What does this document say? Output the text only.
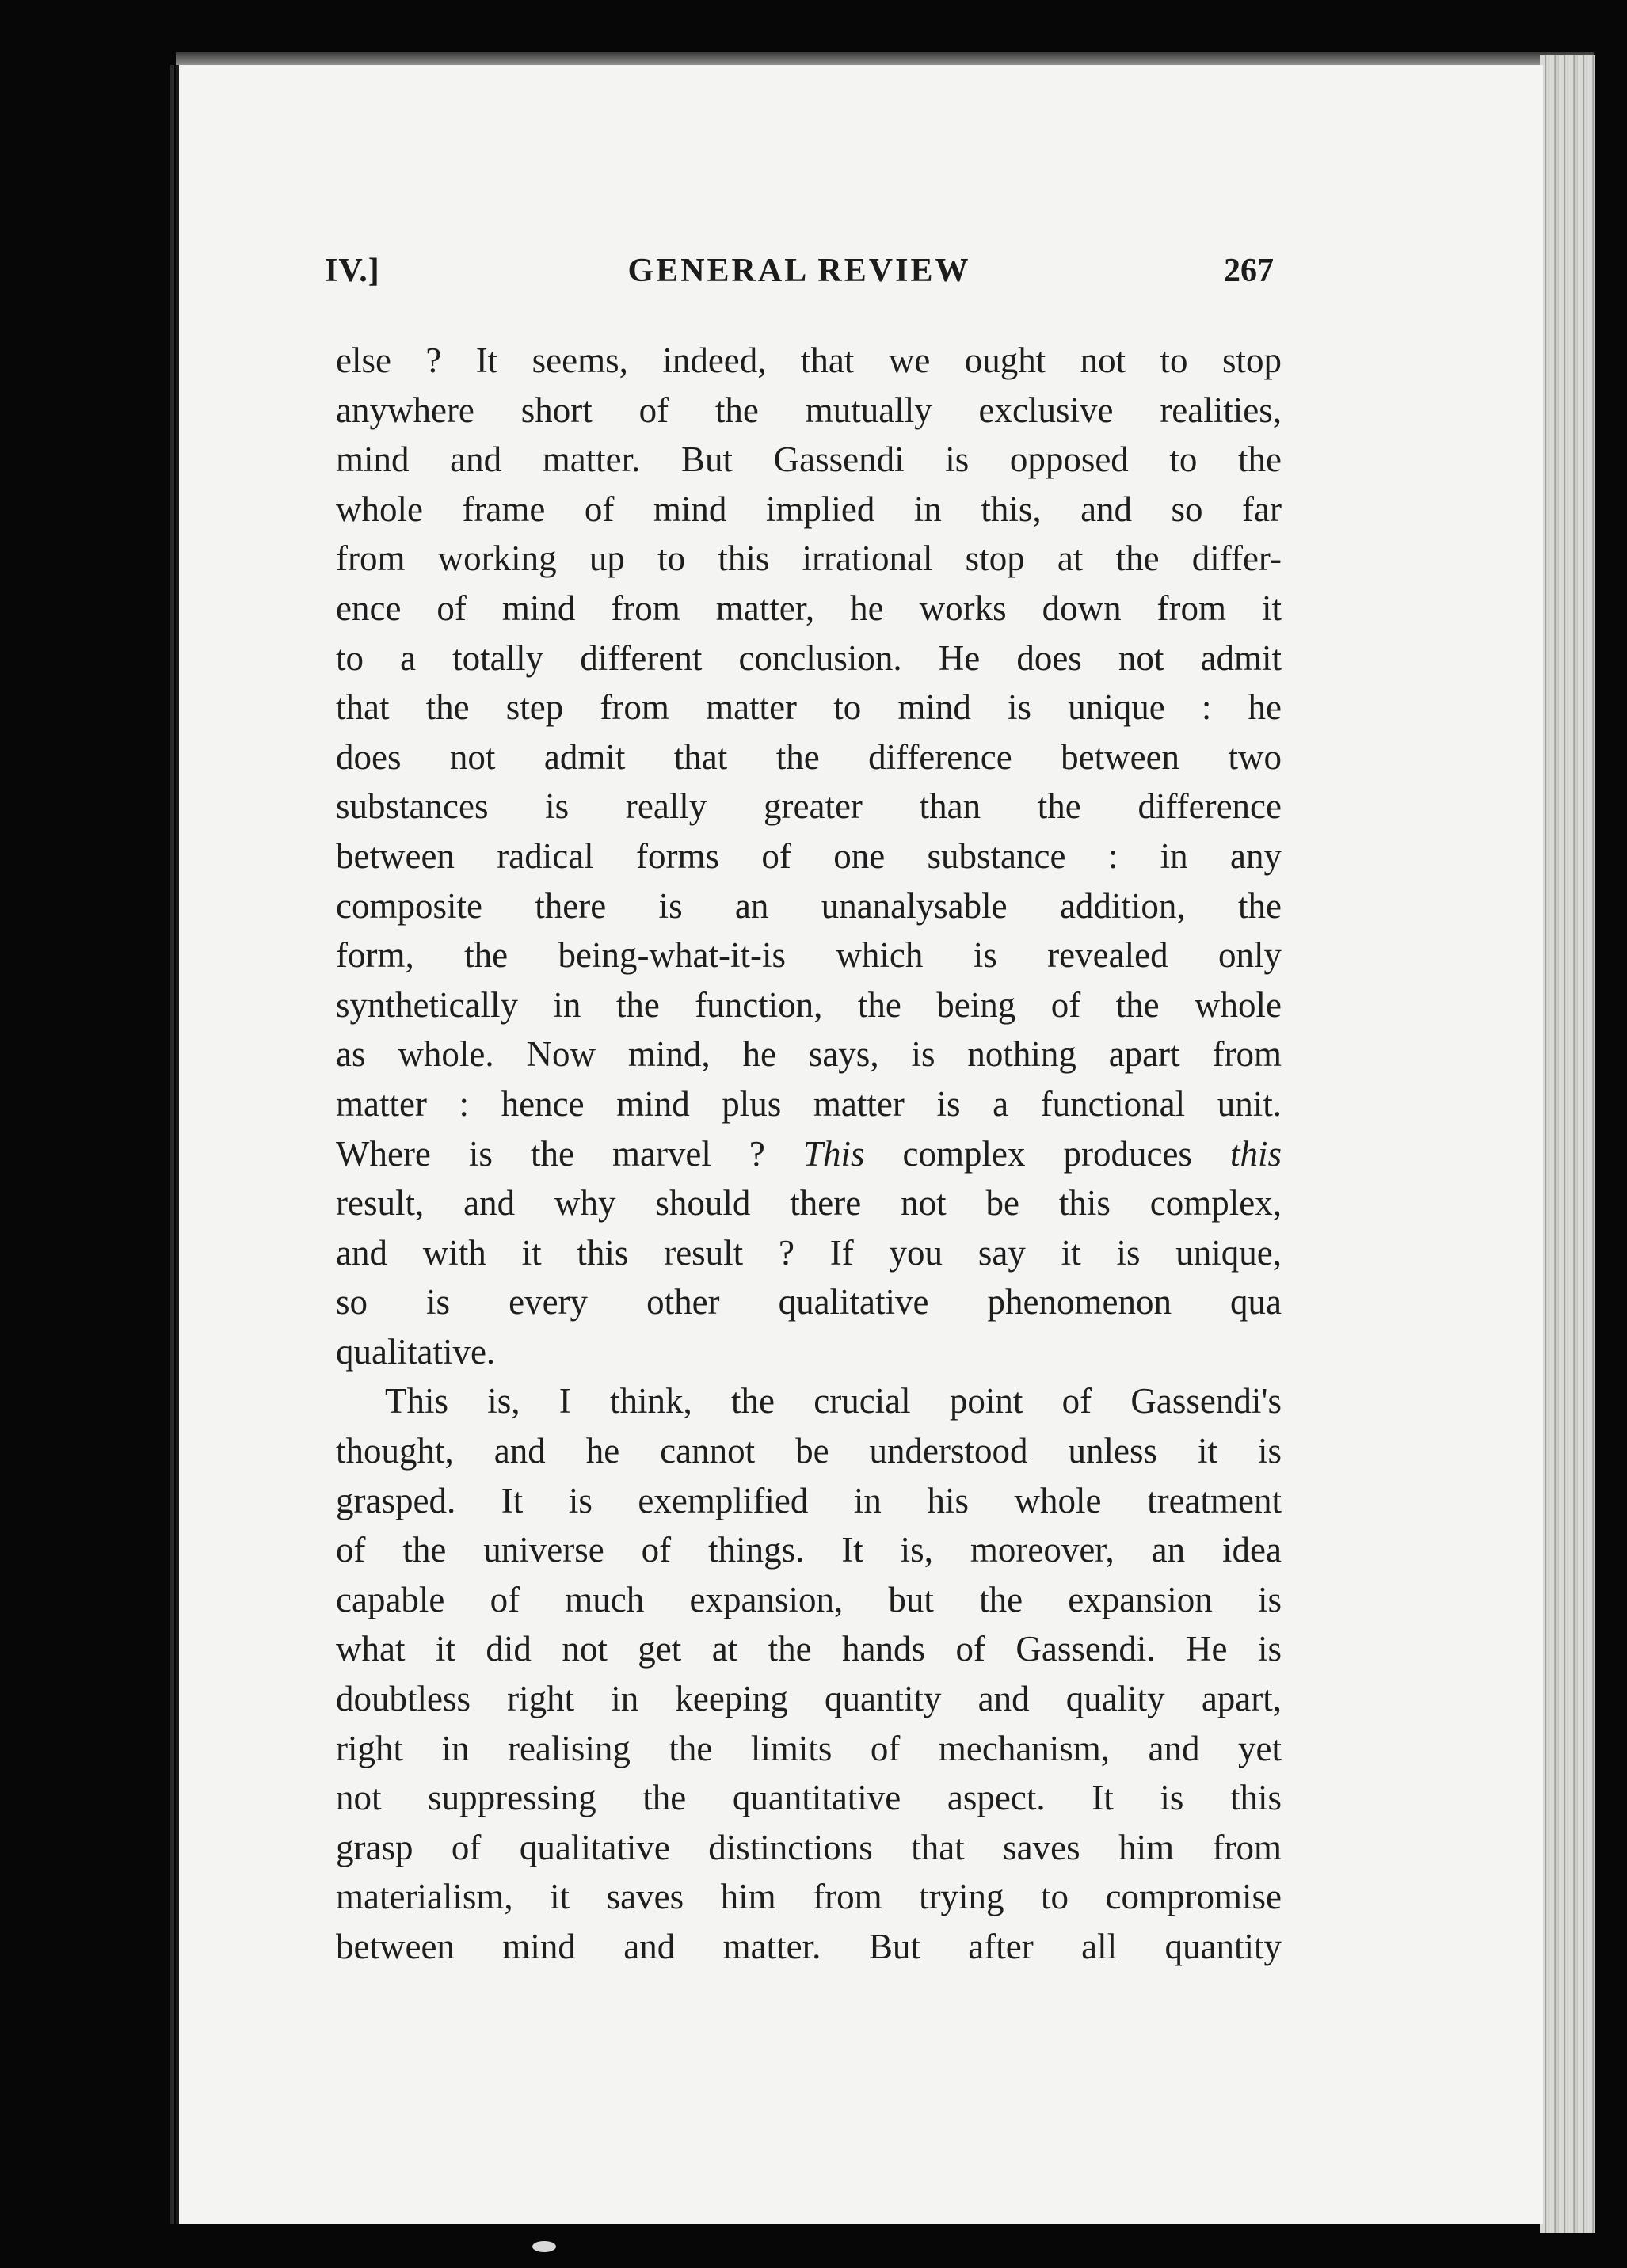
IV.]	GENERAL REVIEW	267
else ? It seems, indeed, that we ought not to stop
anywhere short of the mutually exclusive realities,
mind and matter. But Gassendi is opposed to the
whole frame of mind implied in this, and so far
from working up to this irrational stop at the differ-
ence of mind from matter, he works down from it
to a totally different conclusion. He does not admit
that the step from matter to mind is unique : he
does not admit that the difference between two
substances is really greater than the difference
between radical forms of one substance : in any
composite there is an unanalysable addition, the
form, the being-what-it-is which is revealed only
synthetically in the function, the being of the whole
as whole. Now mind, he says, is nothing apart from
matter : hence mind plus matter is a functional unit.
Where is the marvel ? This complex produces this
result, and why should there not be this complex,
and with it this result ? If you say it is unique,
so is every other qualitative phenomenon qua
qualitative.
This is, I think, the crucial point of Gassendi's
thought, and he cannot be understood unless it is
grasped. It is exemplified in his whole treatment
of the universe of things. It is, moreover, an idea
capable of much expansion, but the expansion is
what it did not get at the hands of Gassendi. He is
doubtless right in keeping quantity and quality apart,
right in realising the limits of mechanism, and yet
not suppressing the quantitative aspect. It is this
grasp of qualitative distinctions that saves him from
materialism, it saves him from trying to compromise
between mind and matter. But after all quantity
